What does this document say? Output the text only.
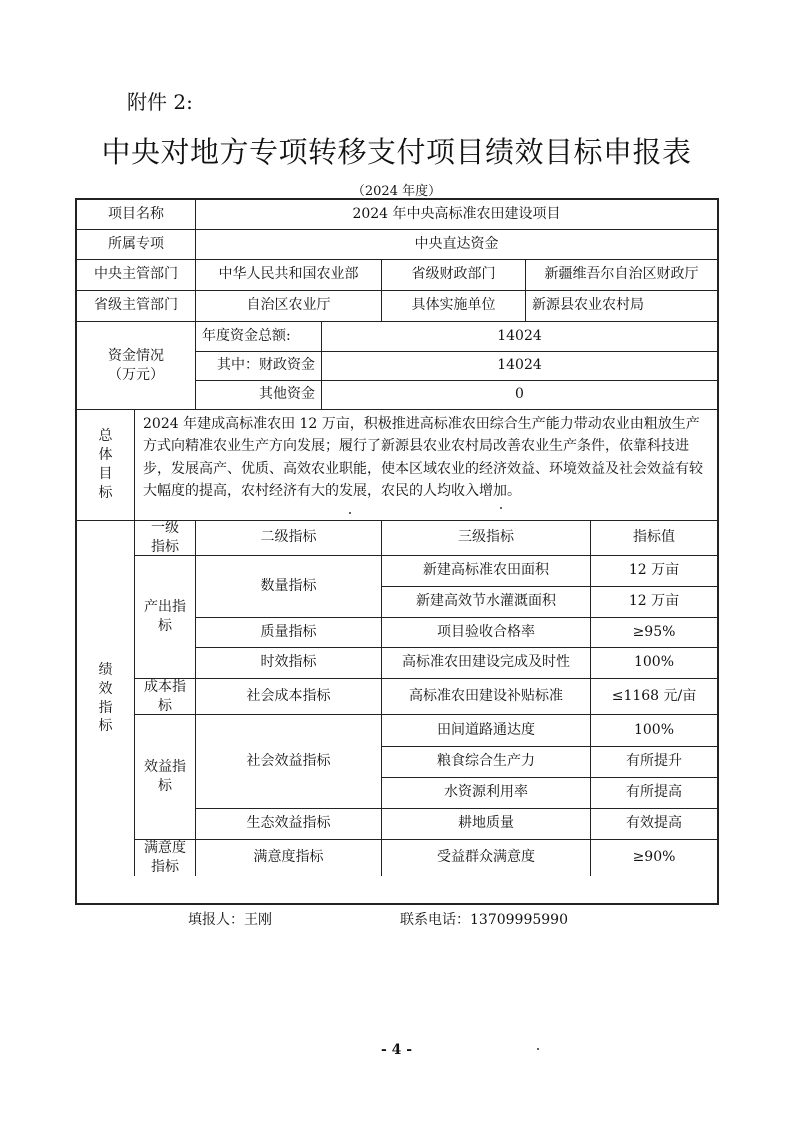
附件 2:
中央对地方专项转移支付项目绩效目标申报表
（2024 年度）
项目名称	2024 年中央高标准农田建设项目
所属专项	中央直达资金
中央主管部门	中华人民共和国农业部	省级财政部门	新疆维吾尔自治区财政厅
省级主管部门	自治区农业厅	具体实施单位	新源县农业农村局
资金情况
（万元）
年度资金总额:	14024
其中：财政资金	14024
其他资金	0
总
体
目
标
2024 年建成高标准农田 12 万亩，积极推进高标准农田综合生产能力带动农业由粗放生产方式向精准农业生产方向发展；履行了新源县农业农村局改善农业生产条件，依靠科技进步，发展高产、优质、高效农业职能，使本区域农业的经济效益、环境效益及社会效益有较大幅度的提高，农村经济有大的发展，农民的人均收入增加。
绩
效
指
标
一级
指标
二级指标	三级指标	指标值
产出指
标
数量指标
新建高标准农田面积	12 万亩
新建高效节水灌溉面积	12 万亩
质量指标	项目验收合格率	≥95%
时效指标	高标准农田建设完成及时性	100%
成本指
标
社会成本指标	高标准农田建设补贴标准	≤1168 元/亩
效益指
标
社会效益指标
田间道路通达度	100%
粮食综合生产力	有所提升
水资源利用率	有所提高
生态效益指标	耕地质量	有效提高
满意度
指标
满意度指标	受益群众满意度	≥90%
填报人：王刚	联系电话：13709995990
- 4 -
